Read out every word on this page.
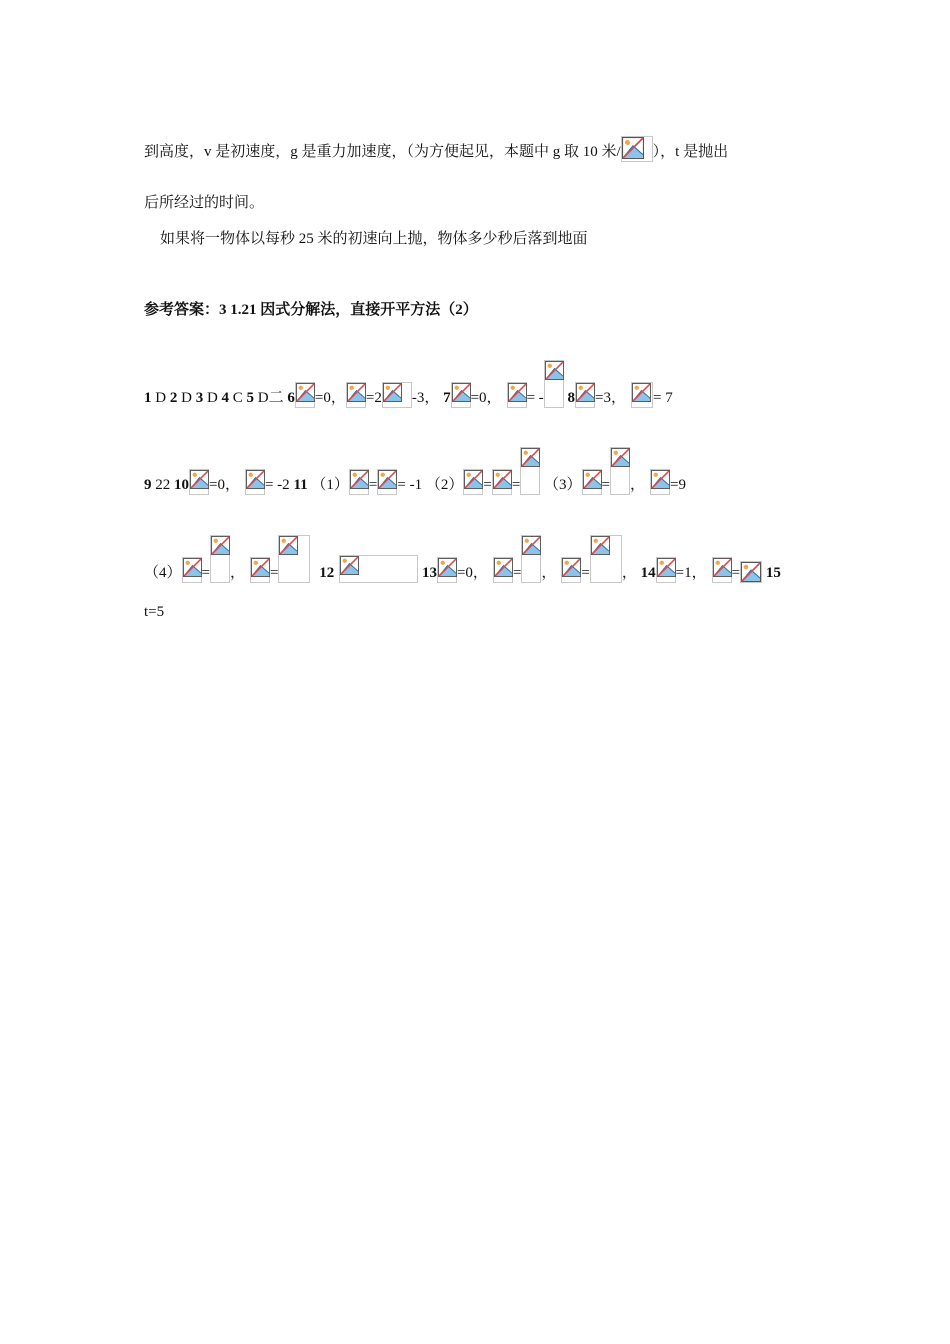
到高度，v 是初速度，g 是重力加速度，（为方便起见，本题中 g 取 10 米/ ），t 是抛出
后所经过的时间。
如果将一物体以每秒 25 米的初速向上抛，物体多少秒后落到地面
参考答案：3 1.21 因式分解法，直接开平方法（2）
1 D 2 D 3 D 4 C 5 D二 6 =0， =2 -3， 7 =0， = - 8 =3， = 7
9 22 10 =0， = -2 11 （1） = = -1 （2） = = （3） = ， =9
（4） = ， =	12	13 =0， = ， = ， 14 =1， = 15
t=5
